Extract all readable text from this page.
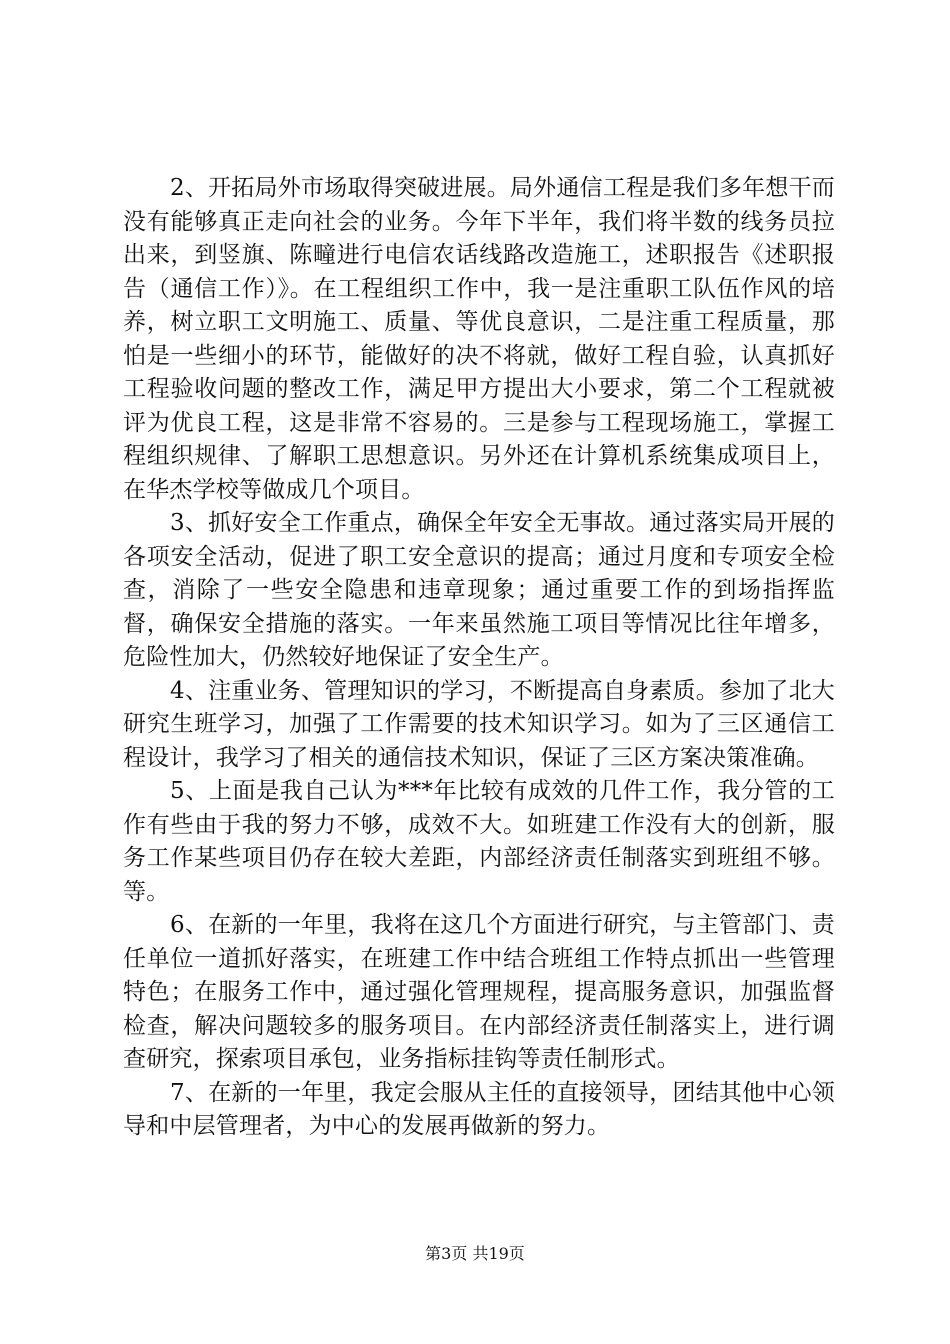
2、开拓局外市场取得突破进展。局外通信工程是我们多年想干而没有能够真正走向社会的业务。今年下半年，我们将半数的线务员拉出来，到竖旗、陈疃进行电信农话线路改造施工，述职报告《述职报告（通信工作）》。在工程组织工作中，我一是注重职工队伍作风的培养，树立职工文明施工、质量、等优良意识，二是注重工程质量，那怕是一些细小的环节，能做好的决不将就，做好工程自验，认真抓好工程验收问题的整改工作，满足甲方提出大小要求，第二个工程就被评为优良工程，这是非常不容易的。三是参与工程现场施工，掌握工程组织规律、了解职工思想意识。另外还在计算机系统集成项目上，在华杰学校等做成几个项目。

3、抓好安全工作重点，确保全年安全无事故。通过落实局开展的各项安全活动，促进了职工安全意识的提高；通过月度和专项安全检查，消除了一些安全隐患和违章现象；通过重要工作的到场指挥监督，确保安全措施的落实。一年来虽然施工项目等情况比往年增多，危险性加大，仍然较好地保证了安全生产。

4、注重业务、管理知识的学习，不断提高自身素质。参加了北大研究生班学习，加强了工作需要的技术知识学习。如为了三区通信工程设计，我学习了相关的通信技术知识，保证了三区方案决策准确。

5、上面是我自己认为***年比较有成效的几件工作，我分管的工作有些由于我的努力不够，成效不大。如班建工作没有大的创新，服务工作某些项目仍存在较大差距，内部经济责任制落实到班组不够。等。

6、在新的一年里，我将在这几个方面进行研究，与主管部门、责任单位一道抓好落实，在班建工作中结合班组工作特点抓出一些管理特色；在服务工作中，通过强化管理规程，提高服务意识，加强监督检查，解决问题较多的服务项目。在内部经济责任制落实上，进行调查研究，探索项目承包，业务指标挂钩等责任制形式。

7、在新的一年里，我定会服从主任的直接领导，团结其他中心领导和中层管理者，为中心的发展再做新的努力。

第3页 共19页
